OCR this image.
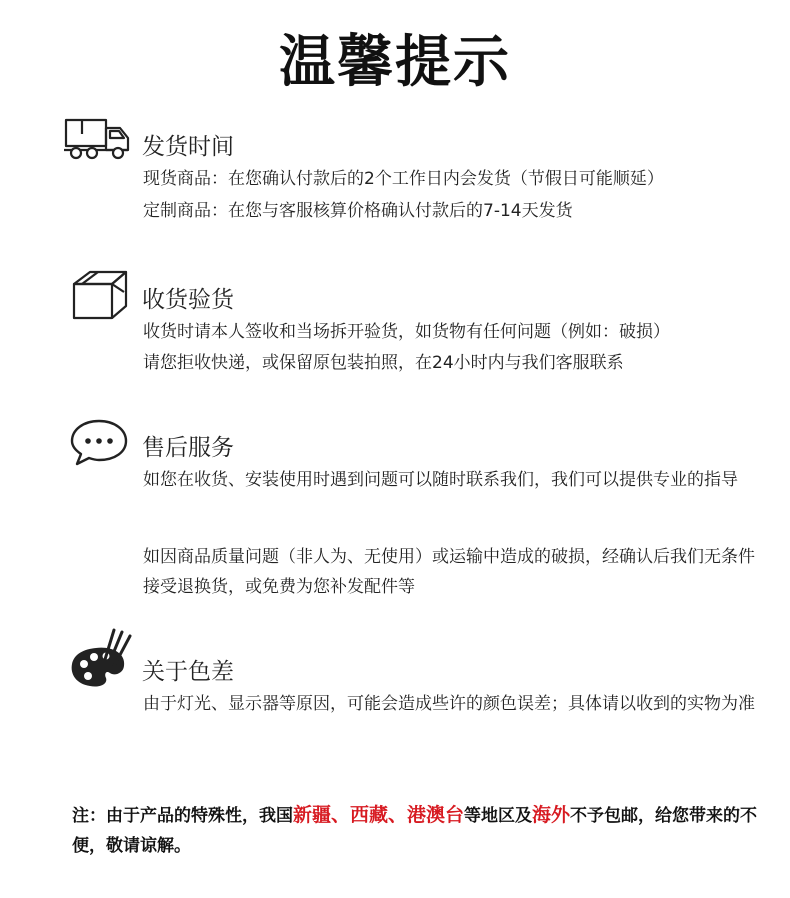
温馨提示
发货时间

现货商品：在您确认付款后的2个工作日内会发货（节假日可能顺延）

定制商品：在您与客服核算价格确认付款后的7-14天发货

收货验货

收货时请本人签收和当场拆开验货，如货物有任何问题（例如：破损）

请您拒收快递，或保留原包装拍照，在24小时内与我们客服联系

售后服务

如您在收货、安装使用时遇到问题可以随时联系我们，我们可以提供专业的指导

如因商品质量问题（非人为、无使用）或运输中造成的破损，经确认后我们无条件接受退换货，或免费为您补发配件等

关于色差

由于灯光、显示器等原因，可能会造成些许的颜色误差；具体请以收到的实物为准

注：由于产品的特殊性，我国新疆、西藏、港澳台等地区及海外不予包邮，给您带来的不便，敬请谅解。
